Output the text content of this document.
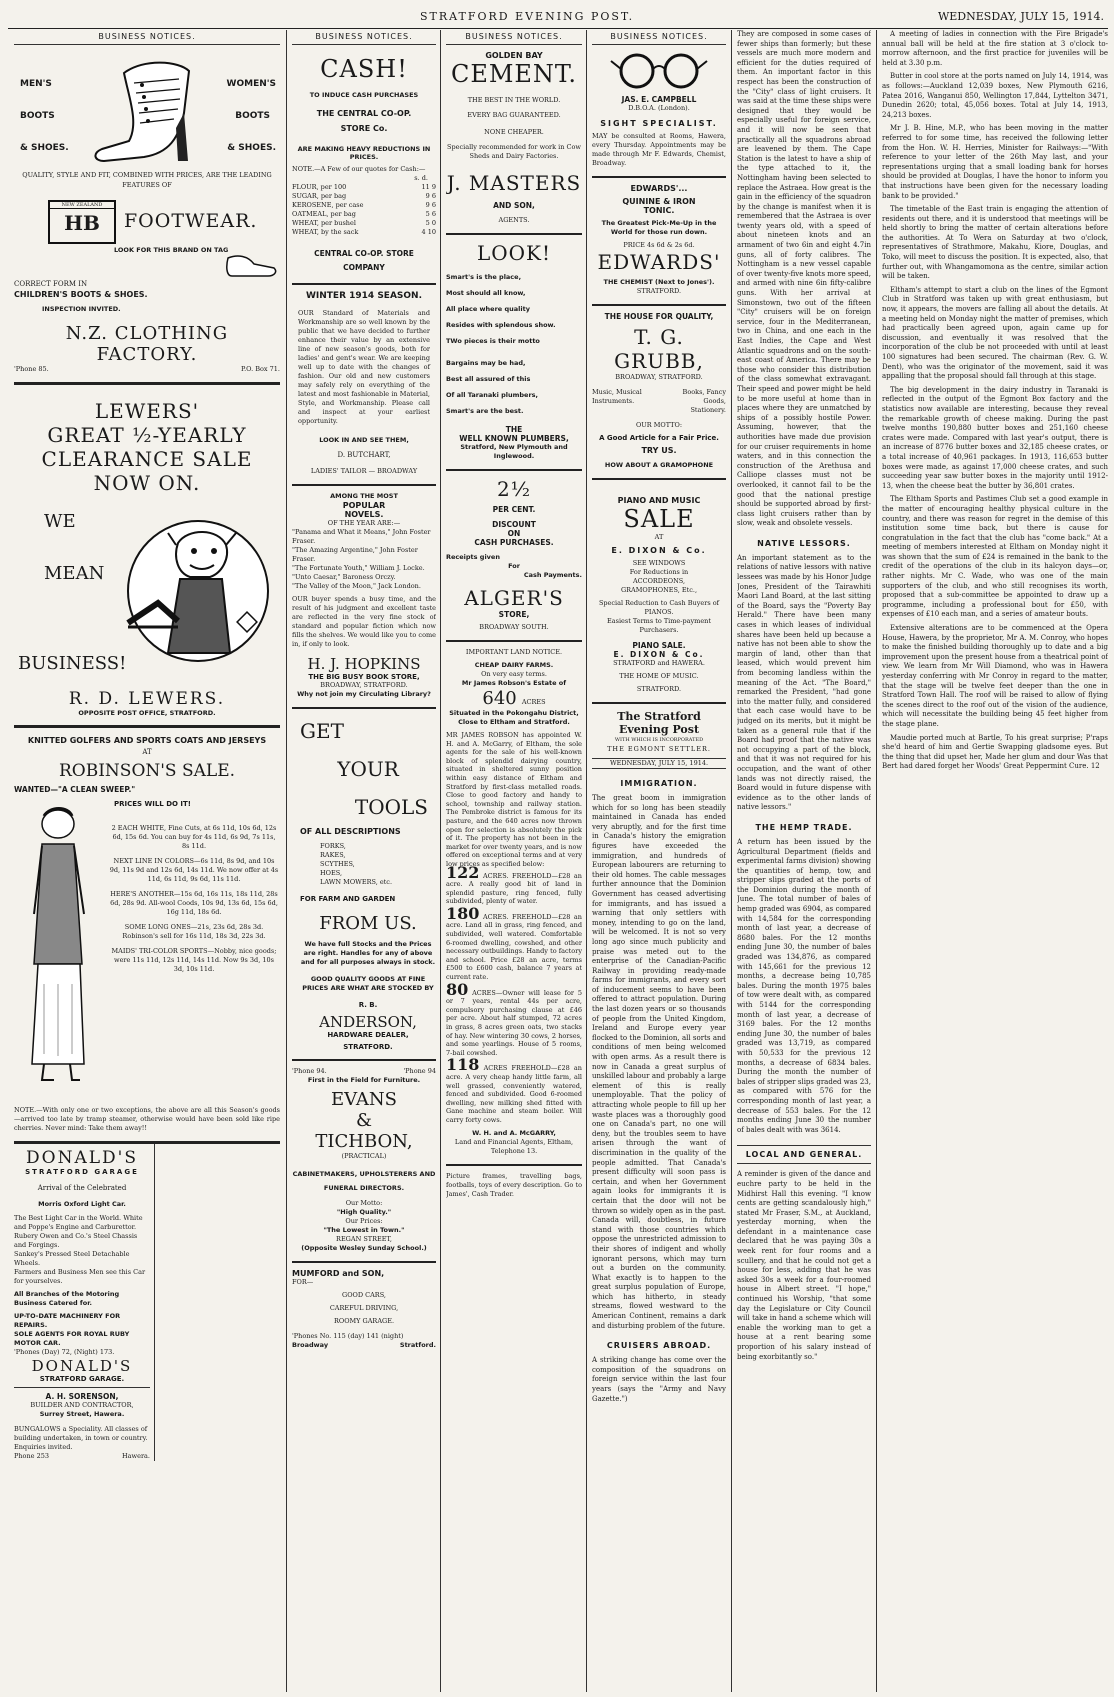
STRATFORD EVENING POST.	WEDNESDAY, JULY 15, 1914.
BUSINESS NOTICES.
MEN'S
BOOTS
& SHOES.
WOMEN'S
BOOTS
& SHOES.
QUALITY, STYLE AND FIT, COMBINED WITH PRICES, ARE THE LEADING FEATURES OF
NEW ZEALAND
HB	FOOTWEAR.
LOOK FOR THIS BRAND ON TAG
CORRECT FORM IN
CHILDREN'S BOOTS & SHOES.
INSPECTION INVITED.
N.Z. CLOTHING FACTORY.
'Phone 85.	P.O. Box 71.
LEWERS'
GREAT ½-YEARLY
CLEARANCE SALE
NOW ON.
WE
MEAN
BUSINESS!
R. D. LEWERS.
OPPOSITE POST OFFICE, STRATFORD.
KNITTED GOLFERS AND SPORTS COATS AND JERSEYS
AT
ROBINSON'S SALE.
WANTED—"A CLEAN SWEEP."
PRICES WILL DO IT!
2 EACH WHITE, Fine Cuts, at 6s 11d, 10s 6d, 12s 6d, 15s 6d. You can buy for 4s 11d, 6s 9d, 7s 11s, 8s 11d.
NEXT LINE IN COLORS—6s 11d, 8s 9d, and 10s 9d, 11s 9d and 12s 6d, 14s 11d. We now offer at 4s 11d, 6s 11d, 9s 6d, 11s 11d.
HERE'S ANOTHER—15s 6d, 16s 11s, 18s 11d, 28s 6d, 28s 9d. All-wool Coods, 10s 9d, 13s 6d, 15s 6d, 16g 11d, 18s 6d.
SOME LONG ONES—21s, 23s 6d, 28s 3d. Robinson's sell for 16s 11d, 18s 3d, 22s 3d.
MAIDS' TRI-COLOR SPORTS—Nobby, nice goods; were 11s 11d, 12s 11d, 14s 11d. Now 9s 3d, 10s 3d, 10s 11d.
NOTE.—With only one or two exceptions, the above are all this Season's goods—arrived too late by tramp steamer, otherwise would have been sold like ripe cherries. Never mind: Take them away!!
DONALD'S
STRATFORD GARAGE
Arrival of the Celebrated
Morris Oxford Light Car.
The Best Light Car in the World. White and Poppe's Engine and Carburettor.
Rubery Owen and Co.'s Steel Chassis and Forgings.
Sankey's Pressed Steel Detachable Wheels.
Farmers and Business Men see this Car for yourselves.
All Branches of the Motoring Business Catered for.
UP-TO-DATE MACHINERY FOR REPAIRS.
SOLE AGENTS FOR ROYAL RUBY MOTOR CAR.
'Phones (Day) 72, (Night) 173.
DONALD'S
STRATFORD GARAGE.
A. H. SORENSON,
BUILDER AND CONTRACTOR,
Surrey Street, Hawera.
BUNGALOWS a Speciality. All classes of building undertaken, in town or country. Enquiries invited.
Phone 253	Hawera.
BUSINESS NOTICES.
CASH!
TO INDUCE CASH PURCHASES
THE CENTRAL CO-OP.
STORE Co.
ARE MAKING HEAVY REDUCTIONS IN PRICES.
NOTE.—A Few of our quotes for Cash:—
s. d.
FLOUR, per 100	11 9
SUGAR, per bag	9 6
KEROSENE, per case	9 6
OATMEAL, per bag	5 6
WHEAT, per bushel	5 0
WHEAT, by the sack	4 10
CENTRAL CO-OP. STORE COMPANY
WINTER 1914 SEASON.
OUR Standard of Materials and Workmanship are so well known by the public that we have decided to further enhance their value by an extensive line of new season's goods, both for ladies' and gent's wear. We are keeping well up to date with the changes of fashion. Our old and new customers may safely rely on everything of the latest and most fashionable in Material, Style, and Workmanship. Please call and inspect at your earliest opportunity.
LOOK IN AND SEE THEM,
D. BUTCHART,
LADIES' TAILOR — BROADWAY
AMONG THE MOST
POPULAR
NOVELS.
OF THE YEAR ARE:—
"Panama and What it Means," John Foster Fraser.
"The Amazing Argentine," John Foster Fraser.
"The Fortunate Youth," William J. Locke.
"Unto Caesar," Baroness Orczy.
"The Valley of the Moon," Jack London.
OUR buyer spends a busy time, and the result of his judgment and excellent taste are reflected in the very fine stock of standard and popular fiction which now fills the shelves. We would like you to come in, if only to look.
H. J. HOPKINS
THE BIG BUSY BOOK STORE,
BROADWAY, STRATFORD.
Why not join my Circulating Library?
GET
YOUR
TOOLS
OF ALL DESCRIPTIONS
FORKS,
RAKES,
SCYTHES,
HOES,
LAWN MOWERS, etc.
FOR FARM AND GARDEN
FROM US.
We have full Stocks and the Prices are right. Handles for any of above and for all purposes always in stock.
GOOD QUALITY GOODS AT FINE PRICES ARE WHAT ARE STOCKED BY
R. B.
ANDERSON,
HARDWARE DEALER,
STRATFORD.
'Phone 94.	'Phone 94
First in the Field for Furniture.
EVANS
&
TICHBON,
(PRACTICAL)
CABINETMAKERS, UPHOLSTERERS AND FUNERAL DIRECTORS.
Our Motto:
"High Quality."
Our Prices:
"The Lowest in Town."
REGAN STREET,
(Opposite Wesley Sunday School.)
MUMFORD and SON,
FOR—
GOOD CARS,
CAREFUL DRIVING,
ROOMY GARAGE.
'Phones No. 115 (day) 141 (night)
Broadway	Stratford.
BUSINESS NOTICES.
GOLDEN BAY
CEMENT.
THE BEST IN THE WORLD.
EVERY BAG GUARANTEED.
NONE CHEAPER.
Specially recommended for work in Cow Sheds and Dairy Factories.
J. MASTERS
AND SON,
AGENTS.
LOOK!
Smart's is the place,
Most should all know,
All place where quality
Resides with splendous show.
TWo pieces is their motto
Bargains may be had,
Best all assured of this
Of all Taranaki plumbers,
Smart's are the best.
THE
WELL KNOWN PLUMBERS,
Stratford, New Plymouth and Inglewood.
2½
PER CENT.
DISCOUNT
ON
CASH PURCHASES.
Receipts given
For
Cash Payments.
ALGER'S
STORE,
BROADWAY SOUTH.
IMPORTANT LAND NOTICE.
CHEAP DAIRY FARMS.
On very easy terms.
Mr James Robson's Estate of
640 ACRES
Situated in the Pokongahu District, Close to Eltham and Stratford.
MR JAMES ROBSON has appointed W. H. and A. McGarry, of Eltham, the sole agents for the sale of his well-known block of splendid dairying country, situated in sheltered sunny position within easy distance of Eltham and Stratford by first-class metalled roads. Close to good factory and handy to school, township and railway station. The Pembroke district is famous for its pasture, and the 640 acres now thrown open for selection is absolutely the pick of it. The property has not been in the market for over twenty years, and is now offered on exceptional terms and at very low prices as specified below:

122 ACRES. FREEHOLD—£28 an acre. A really good bit of land in splendid pasture, ring fenced, fully subdivided, plenty of water.

180 ACRES. FREEHOLD—£28 an acre. Land all in grass, ring fenced, and subdivided, well watered. Comfortable 6-roomed dwelling, cowshed, and other necessary outbuildings. Handy to factory and school. Price £28 an acre, terms £500 to £600 cash, balance 7 years at current rate.

80 ACRES—Owner will lease for 5 or 7 years, rental 44s per acre, compulsory purchasing clause at £46 per acre. About half stumped, 72 acres in grass, 8 acres green oats, two stacks of hay. New wintering 30 cows, 2 horses, and some yearlings. House of 5 rooms, 7-bail cowshed.

118 ACRES FREEHOLD—£28 an acre. A very cheap handy little farm, all well grassed, conveniently watered, fenced and subdivided. Good 6-roomed dwelling, new milking shed fitted with Gane machine and steam boiler. Will carry forty cows.

W. H. and A. McGARRY,
Land and Financial Agents, Eltham,
Telephone 13.
Picture frames, travelling bags, footballs, toys of every description. Go to James', Cash Trader.
BUSINESS NOTICES.
JAS. E. CAMPBELL
D.B.O.A. (London).
SIGHT SPECIALIST.
MAY be consulted at Rooms, Hawera, every Thursday. Appointments may be made through Mr F. Edwards, Chemist, Broadway.
EDWARDS'...
QUININE & IRON
TONIC.
The Greatest Pick-Me-Up in the World for those run down.
PRICE 4s 6d & 2s 6d.
EDWARDS'
THE CHEMIST (Next to Jones').
STRATFORD.
THE HOUSE FOR QUALITY,
T. G. GRUBB,
BROADWAY, STRATFORD.
Music, Musical Instruments.
Books, Fancy Goods, Stationery.
OUR MOTTO:
A Good Article for a Fair Price.
TRY US.
HOW ABOUT A GRAMOPHONE
PIANO AND MUSIC
SALE
AT
E. DIXON & Co.
SEE WINDOWS
For Reductions in
ACCORDEONS,
GRAMOPHONES, Etc.,
Special Reduction to Cash Buyers of
PIANOS.
Easiest Terms to Time-payment Purchasers.
PIANO SALE.
E. DIXON & Co.
STRATFORD and HAWERA.
THE HOME OF MUSIC.
STRATFORD.
The Stratford Evening Post
WITH WHICH IS INCORPORATED
THE EGMONT SETTLER.
WEDNESDAY, JULY 15, 1914.
IMMIGRATION.
The great boom in immigration which for so long has been steadily maintained in Canada has ended very abruptly, and for the first time in Canada's history the emigration figures have exceeded the immigration, and hundreds of European labourers are returning to their old homes. The cable messages further announce that the Dominion Government has ceased advertising for immigrants, and has issued a warning that only settlers with money, intending to go on the land, will be welcomed. It is not so very long ago since much publicity and praise was meted out to the enterprise of the Canadian-Pacific Railway in providing ready-made farms for immigrants, and every sort of inducement seems to have been offered to attract population. During the last dozen years or so thousands of people from the United Kingdom, Ireland and Europe every year flocked to the Dominion, all sorts and conditions of men being welcomed with open arms. As a result there is now in Canada a great surplus of unskilled labour and probably a large element of this is really unemployable. That the policy of attracting whole people to fill up her waste places was a thoroughly good one on Canada's part, no one will deny, but the troubles seem to have arisen through the want of discrimination in the quality of the people admitted. That Canada's present difficulty will soon pass is certain, and when her Government again looks for immigrants it is certain that the door will not be thrown so widely open as in the past. Canada will, doubtless, in future stand with those countries which oppose the unrestricted admission to their shores of indigent and wholly ignorant persons, which may turn out a burden on the community. What exactly is to happen to the great surplus population of Europe, which has hitherto, in steady streams, flowed westward to the American Continent, remains a dark and disturbing problem of the future.
CRUISERS ABROAD.
A striking change has come over the composition of the squadrons on foreign service within the last four years (says the "Army and Navy Gazette.")
They are composed in some cases of fewer ships than formerly; but these vessels are much more modern and efficient for the duties required of them. An important factor in this respect has been the construction of the "City" class of light cruisers. It was said at the time these ships were designed that they would be especially useful for foreign service, and it will now be seen that practically all the squadrons abroad are leavened by them. The Cape Station is the latest to have a ship of the type attached to it, the Nottingham having been selected to replace the Astraea. How great is the gain in the efficiency of the squadron by the change is manifest when it is remembered that the Astraea is over twenty years old, with a speed of about nineteen knots and an armament of two 6in and eight 4.7in guns, all of forty calibres. The Nottingham is a new vessel capable of over twenty-five knots more speed, and armed with nine 6in fifty-calibre guns. With her arrival at Simonstown, two out of the fifteen "City" cruisers will be on foreign service, four in the Mediterranean, two in China, and one each in the East Indies, the Cape and West Atlantic squadrons and on the south-east coast of America. There may be those who consider this distribution of the class somewhat extravagant. Their speed and power might be held to be more useful at home than in places where they are unmatched by ships of a possibly hostile Power. Assuming, however, that the authorities have made due provision for our cruiser requirements in home waters, and in this connection the construction of the Arethusa and Calliope classes must not be overlooked, it cannot fail to be the good that the national prestige should be supported abroad by first-class light cruisers rather than by slow, weak and obsolete vessels.
NATIVE LESSORS.
An important statement as to the relations of native lessors with native lessees was made by his Honor Judge Jones, President of the Tairawhiti Maori Land Board, at the last sitting of the Board, says the "Poverty Bay Herald." There have been many cases in which leases of individual shares have been held up because a native has not been able to show the margin of land, other than that leased, which would prevent him from becoming landless within the meaning of the Act. "The Board," remarked the President, "had gone into the matter fully, and considered that each case would have to be judged on its merits, but it might be taken as a general rule that if the Board had proof that the native was not occupying a part of the block, and that it was not required for his occupation, and the want of other lands was not directly raised, the Board would in future dispense with evidence as to the other lands of native lessors."
THE HEMP TRADE.
A return has been issued by the Agricultural Department (fields and experimental farms division) showing the quantities of hemp, tow, and stripper slips graded at the ports of the Dominion during the month of June. The total number of bales of hemp graded was 6904, as compared with 14,584 for the corresponding month of last year, a decrease of 8680 bales. For the 12 months ending June 30, the number of bales graded was 134,876, as compared with 145,661 for the previous 12 months, a decrease being 10,785 bales. During the month 1975 bales of tow were dealt with, as compared with 5144 for the corresponding month of last year, a decrease of 3169 bales. For the 12 months ending June 30, the number of bales graded was 13,719, as compared with 50,533 for the previous 12 months, a decrease of 6834 bales. During the month the number of bales of stripper slips graded was 23, as compared with 576 for the corresponding month of last year, a decrease of 553 bales. For the 12 months ending June 30 the number of bales dealt with was 3614.
LOCAL AND GENERAL.
A reminder is given of the dance and euchre party to be held in the Midhirst Hall this evening. "I know cents are getting scandalously high," stated Mr Fraser, S.M., at Auckland, yesterday morning, when the defendant in a maintenance case declared that he was paying 30s a week rent for four rooms and a scullery, and that he could not get a house for less, adding that he was asked 30s a week for a four-roomed house in Albert street. "I hope," continued his Worship, "that some day the Legislature or City Council will take in hand a scheme which will enable the working man to get a house at a rent bearing some proportion of his salary instead of being exorbitantly so."

A meeting of ladies in connection with the Fire Brigade's annual ball will be held at the fire station at 3 o'clock to-morrow afternoon, and the first practice for juveniles will be held at 3.30 p.m.

Butter in cool store at the ports named on July 14, 1914, was as follows:—Auckland 12,039 boxes, New Plymouth 6216, Patea 2016, Wanganui 850, Wellington 17,844, Lyttelton 3471, Dunedin 2620; total, 45,056 boxes. Total at July 14, 1913, 24,213 boxes.

Mr J. B. Hine, M.P., who has been moving in the matter referred to for some time, has received the following letter from the Hon. W. H. Herries, Minister for Railways:—"With reference to your letter of the 26th May last, and your representations urging that a small loading bank for horses should be provided at Douglas, I have the honor to inform you that instructions have been given for the necessary loading bank to be provided."

The timetable of the East train is engaging the attention of residents out there, and it is understood that meetings will be held shortly to bring the matter of certain alterations before the authorities. At To Wera on Saturday at two o'clock, representatives of Strathmore, Makahu, Kiore, Douglas, and Toko, will meet to discuss the position. It is expected, also, that further out, with Whangamomona as the centre, similar action will be taken.

Eltham's attempt to start a club on the lines of the Egmont Club in Stratford was taken up with great enthusiasm, but now, it appears, the movers are falling all about the details. At a meeting held on Monday night the matter of premises, which had practically been agreed upon, again came up for discussion, and eventually it was resolved that the incorporation of the club be not proceeded with until at least 100 signatures had been secured. The chairman (Rev. G. W. Dent), who was the originator of the movement, said it was appalling that the proposal should fall through at this stage.

The big development in the dairy industry in Taranaki is reflected in the output of the Egmont Box factory and the statistics now available are interesting, because they reveal the remarkable growth of cheese making. During the past twelve months 190,880 butter boxes and 251,160 cheese crates were made. Compared with last year's output, there is an increase of 8776 butter boxes and 32,185 cheese crates, or a total increase of 40,961 packages. In 1913, 116,653 butter boxes were made, as against 17,000 cheese crates, and such succeeding year saw butter boxes in the majority until 1912-13, when the cheese beat the butter by 36,801 crates.

The Eltham Sports and Pastimes Club set a good example in the matter of encouraging healthy physical culture in the country, and there was reason for regret in the demise of this institution some time back, but there is cause for congratulation in the fact that the club has "come back." At a meeting of members interested at Eltham on Monday night it was shown that the sum of £24 is remained in the bank to the credit of the operations of the club in its halcyon days—or, rather nights. Mr C. Wade, who was one of the main supporters of the club, and who still recognises its worth, proposed that a sub-committee be appointed to draw up a programme, including a professional bout for £50, with expenses of £10 each man, and a series of amateur bouts.

Extensive alterations are to be commenced at the Opera House, Hawera, by the proprietor, Mr A. M. Conroy, who hopes to make the finished building thoroughly up to date and a big improvement upon the present house from a theatrical point of view. We learn from Mr Will Diamond, who was in Hawera yesterday conferring with Mr Conroy in regard to the matter, that the stage will be twelve feet deeper than the one in Stratford Town Hall. The roof will be raised to allow of flying the scenes direct to the roof out of the vision of the audience, which will necessitate the building being 45 feet higher from the stage plane.

Maudie ported much at Bartle, To his great surprise; P'raps she'd heard of him and Gertie Swapping gladsome eyes. But the thing that did upset her, Made her glum and dour Was that Bert had dared forget her Woods' Great Peppermint Cure. 12
